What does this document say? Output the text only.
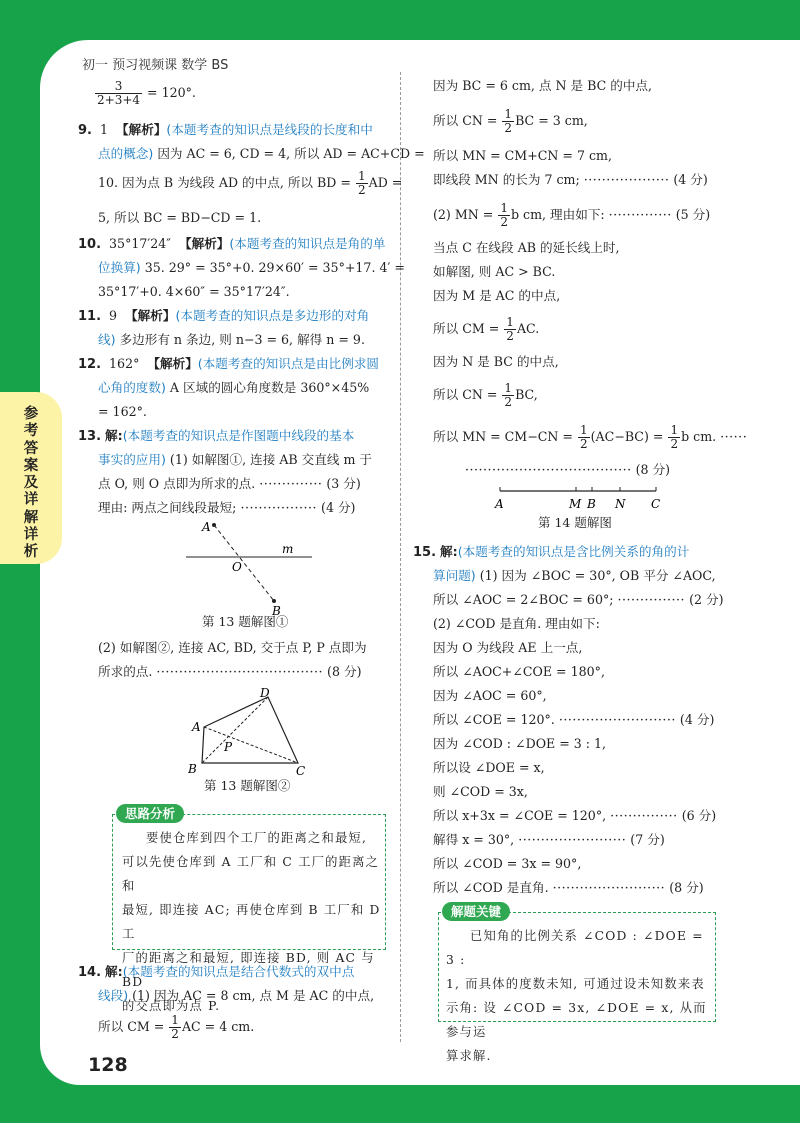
初一 预习视频课 数学 BS
参考答案及详解详析
128
$\frac{3}{2+3+4} = 120^\circ$.
9. 1 【解析】(本题考查的知识点是线段的长度和中
点的概念) 因为 AC = 6, CD = 4, 所以 AD = AC+CD =
10. 因为点 B 为线段 AD 的中点, 所以 BD = $\frac{1}{2}$ AD =
5, 所以 BC = BD−CD = 1.
10. 35°17′24″ 【解析】(本题考查的知识点是角的单
位换算) 35. 29° = 35°+0. 29×60′ = 35°+17. 4′ =
35°17′+0. 4×60″ = 35°17′24″.
11. 9 【解析】(本题考查的知识点是多边形的对角
线) 多边形有 n 条边, 则 n−3 = 6, 解得 n = 9.
12. 162° 【解析】(本题考查的知识点是由比例求圆
心角的度数) A 区域的圆心角度数是 360°×45%
= 162°.
13. 解:(本题考查的知识点是作图题中线段的基本
事实的应用) (1) 如解图①, 连接 AB 交直线 m 于
点 O, 则 O 点即为所求的点. ·············· (3 分)
理由: 两点之间线段最短; ················· (4 分)
A
m
O
B
第 13 题解图①
(2) 如解图②, 连接 AC, BD, 交于点 P, P 点即为
所求的点. ····································· (8 分)
A
B	C
D
P
第 13 题解图②
思路分析
要使仓库到四个工厂的距离之和最短,
可以先使仓库到 A 工厂和 C 工厂的距离之和
最短, 即连接 AC; 再使仓库到 B 工厂和 D 工
厂的距离之和最短, 即连接 BD, 则 AC 与 BD
的交点即为点 P.
14. 解:(本题考查的知识点是结合代数式的双中点
线段) (1) 因为 AC = 8 cm, 点 M 是 AC 的中点,
所以 CM = $\frac{1}{2}$ AC = 4 cm.
因为 BC = 6 cm, 点 N 是 BC 的中点,
所以 CN = $\frac{1}{2}$ BC = 3 cm,
所以 MN = CM+CN = 7 cm,
即线段 MN 的长为 7 cm; ··················· (4 分)
(2) MN = $\frac{1}{2}$ b cm, 理由如下: ·············· (5 分)
当点 C 在线段 AB 的延长线上时,
如解图, 则 AC > BC.
因为 M 是 AC 的中点,
所以 CM = $\frac{1}{2}$ AC.
因为 N 是 BC 的中点,
所以 CN = $\frac{1}{2}$ BC,
所以 MN = $CM-CN = \frac{1}{2} (AC-BC) = \frac{1}{2}$ b cm. ······
····································· (8 分)
A	M B N C
第 14 题解图
15. 解:(本题考查的知识点是含比例关系的角的计
算问题) (1) 因为 ∠BOC = 30°, OB 平分 ∠AOC,
所以 ∠AOC = 2∠BOC = 60°; ··············· (2 分)
(2) ∠COD 是直角. 理由如下:
因为 O 为线段 AE 上一点,
所以 ∠AOC+∠COE = 180°,
因为 ∠AOC = 60°,
所以 ∠COE = 120°. ·························· (4 分)
因为 ∠COD : ∠DOE = 3 : 1,
所以设 ∠DOE = x,
则 ∠COD = 3x,
所以 x+3x = ∠COE = 120°, ··············· (6 分)
解得 x = 30°, ························ (7 分)
所以 ∠COD = 3x = 90°,
所以 ∠COD 是直角. ························· (8 分)
解题关键
已知角的比例关系 ∠COD : ∠DOE = 3 :
1, 而具体的度数未知, 可通过设未知数来表
示角: 设 ∠COD = 3x, ∠DOE = x, 从而参与运
算求解.
